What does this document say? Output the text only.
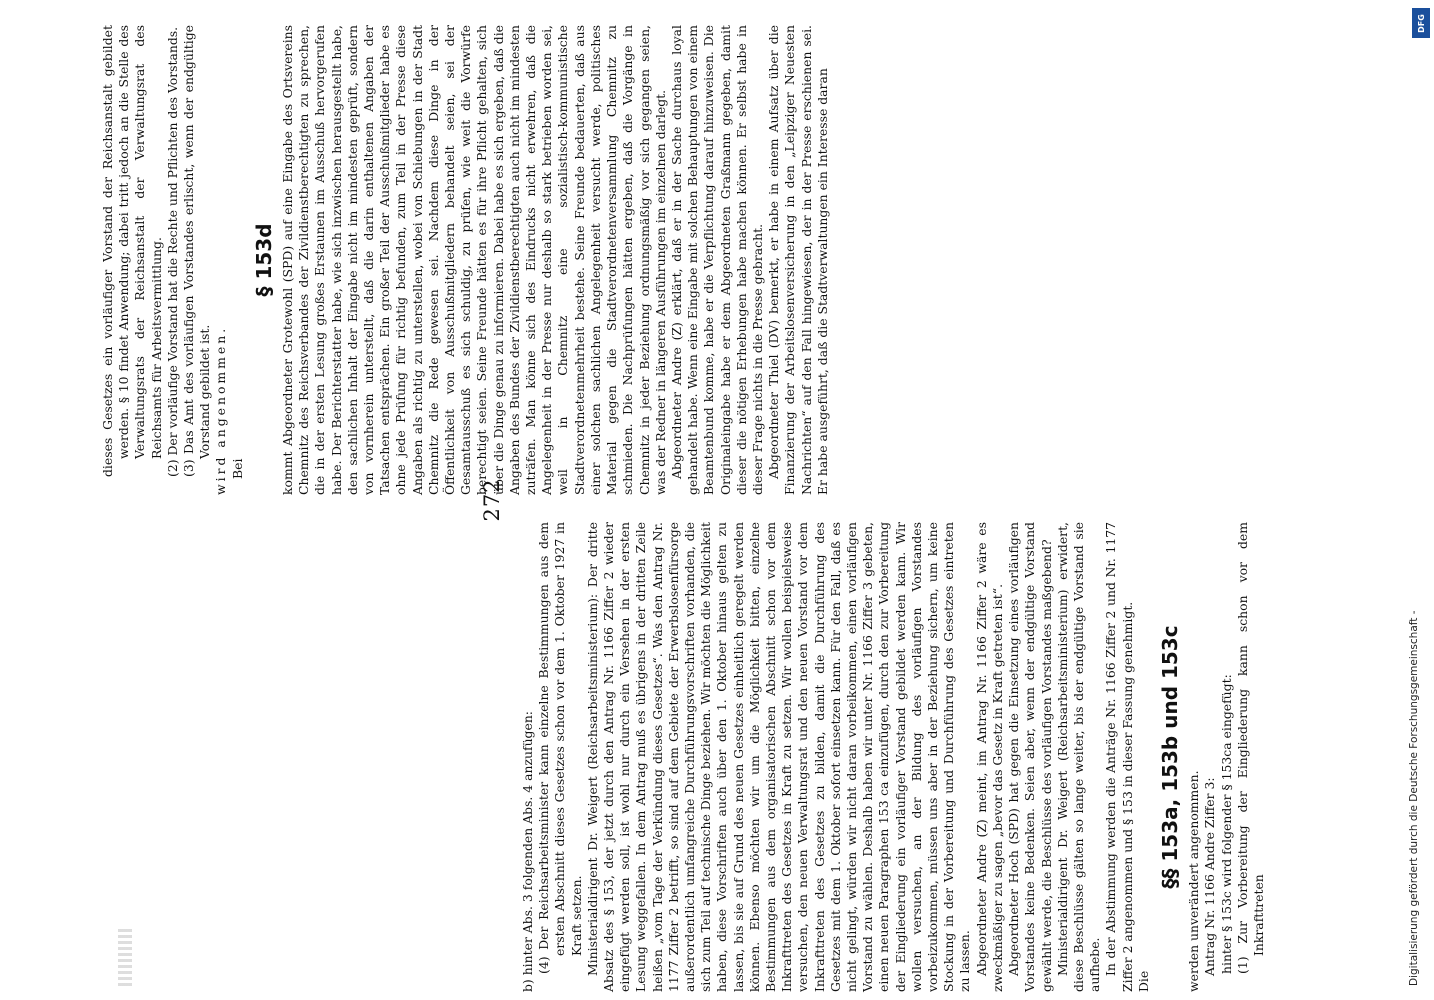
272

b) hinter Abs. 3 folgenden Abs. 4 anzufügen: (4) Der Reichsarbeitsminister kann einzelne Bestimmungen aus dem ersten Abschnitt dieses Gesetzes schon vor dem 1. Oktober 1927 in Kraft setzen. Ministerialdirigent Dr. Weigert (Reichsarbeitsministerium): Der dritte Absatz des § 153, der jetzt durch den Antrag Nr. 1166 Ziffer 2 wieder eingefügt werden soll, ist wohl nur durch ein Versehen in der ersten Lesung weggefallen. In dem Antrag muß es übrigens in der dritten Zeile heißen „vom Tage der Verkündung dieses Gesetzes“. Was den Antrag Nr. 1177 Ziffer 2 betrifft, so sind auf dem Gebiete der Erwerbslosenfürsorge außerordentlich umfangreiche Durchführungsvorschriften vorhanden, die sich zum Teil auf technische Dinge beziehen. Wir möchten die Möglichkeit haben, diese Vorschriften auch über den 1. Oktober hinaus gelten zu lassen, bis sie auf Grund des neuen Gesetzes einheitlich geregelt werden können. Ebenso möchten wir um die Möglichkeit bitten, einzelne Bestimmungen aus dem organisatorischen Abschnitt schon vor dem Inkrafttreten des Gesetzes in Kraft zu setzen. Wir wollen beispielsweise versuchen, den neuen Verwaltungsrat und den neuen Vorstand vor dem Inkrafttreten des Gesetzes zu bilden, damit die Durchführung des Gesetzes mit dem 1. Oktober sofort einsetzen kann. Für den Fall, daß es nicht gelingt, würden wir nicht daran vorbeikommen, einen vorläufigen Vorstand zu wählen. Deshalb haben wir unter Nr. 1166 Ziffer 3 gebeten, einen neuen Paragraphen 153 ca einzufügen, durch den zur Vorbereitung der Eingliederung ein vorläufiger Vorstand gebildet werden kann. Wir wollen versuchen, an der Bildung des vorläufigen Vorstandes vorbeizukommen, müssen uns aber in der Beziehung sichern, um keine Stockung in der Vorbereitung und Durchführung des Gesetzes eintreten zu lassen. Abgeordneter Andre (Z) meint, im Antrag Nr. 1166 Ziffer 2 wäre es zweckmäßiger zu sagen „bevor das Gesetz in Kraft getreten ist“. Abgeordneter Hoch (SPD) hat gegen die Einsetzung eines vorläufigen Vorstandes keine Bedenken. Seien aber, wenn der endgültige Vorstand gewählt werde, die Beschlüsse des vorläufigen Vorstandes maßgebend? Ministerialdirigent Dr. Weigert (Reichsarbeitsministerium) erwidert, diese Beschlüsse gälten so lange weiter, bis der endgültige Vorstand sie aufhebe. In der Abstimmung werden die Anträge Nr. 1166 Ziffer 2 und Nr. 1177 Ziffer 2 angenommen und § 153 in dieser Fassung genehmigt. Die

§§ 153a, 153b und 153c werden unverändert angenommen. Antrag Nr. 1166 Andre Ziffer 3: hinter § 153c wird folgender § 153ca eingefügt: (1) Zur Vorbereitung der Eingliederung kann schon vor dem Inkrafttreten

dieses Gesetzes ein vorläufiger Vorstand der Reichsanstalt gebildet werden. § 10 findet Anwendung; dabei tritt jedoch an die Stelle des Verwaltungsrats der Reichsanstalt der Verwaltungsrat des Reichsamts für Arbeitsvermittlung. (2) Der vorläufige Vorstand hat die Rechte und Pflichten des Vorstands. (3) Das Amt des vorläufigen Vorstandes erlischt, wenn der endgültige Vorstand gebildet ist. wird angenommen. Bei

§ 153d kommt Abgeordneter Grotewohl (SPD) auf eine Eingabe des Ortsvereins Chemnitz des Reichsverbandes der Zivildienstberechtigten zu sprechen, die in der ersten Lesung großes Erstaunen im Ausschuß hervorgerufen habe. Der Berichterstatter habe, wie sich inzwischen herausgestellt habe, den sachlichen Inhalt der Eingabe nicht im mindesten geprüft, sondern von vornherein unterstellt, daß die darin enthaltenen Angaben der Tatsachen entsprächen. Ein großer Teil der Ausschußmitglieder habe es ohne jede Prüfung für richtig befunden, zum Teil in der Presse diese Angaben als richtig zu unterstellen, wobei von Schiebungen in der Stadt Chemnitz die Rede gewesen sei. Nachdem diese Dinge in der Öffentlichkeit von Ausschußmitgliedern behandelt seien, sei der Gesamtausschuß es sich schuldig, zu prüfen, wie weit die Vorwürfe berechtigt seien. Seine Freunde hätten es für ihre Pflicht gehalten, sich über die Dinge genau zu informieren. Dabei habe es sich ergeben, daß die Angaben des Bundes der Zivildienstberechtigten auch nicht im mindesten zuträfen. Man könne sich des Eindrucks nicht erwehren, daß die Angelegenheit in der Presse nur deshalb so stark betrieben worden sei, weil in Chemnitz eine sozialistisch-kommunistische Stadtverordnetenmehrheit bestehe. Seine Freunde bedauerten, daß aus einer solchen sachlichen Angelegenheit versucht werde, politisches Material gegen die Stadtverordnetenversammlung Chemnitz zu schmieden. Die Nachprüfungen hätten ergeben, daß die Vorgänge in Chemnitz in jeder Beziehung ordnungsmäßig vor sich gegangen seien, was der Redner in längeren Ausführungen im einzelnen darlegt. Abgeordneter Andre (Z) erklärt, daß er in der Sache durchaus loyal gehandelt habe. Wenn eine Eingabe mit solchen Behauptungen von einem Beamtenbund komme, habe er die Verpflichtung darauf hinzuweisen. Die Originaleingabe habe er dem Abgeordneten Graßmann gegeben, damit dieser die nötigen Erhebungen habe machen können. Er selbst habe in dieser Frage nichts in die Presse gebracht. Abgeordneter Thiel (DV) bemerkt, er habe in einem Aufsatz über die Finanzierung der Arbeitslosenversicherung in den „Leipziger Neuesten Nachrichten“ auf den Fall hingewiesen, der in der Presse erschienen sei. Er habe ausgeführt, daß die Stadtverwaltungen ein Interesse daran

Digitalisierung gefördert durch die Deutsche Forschungsgemeinschaft -
DFG
